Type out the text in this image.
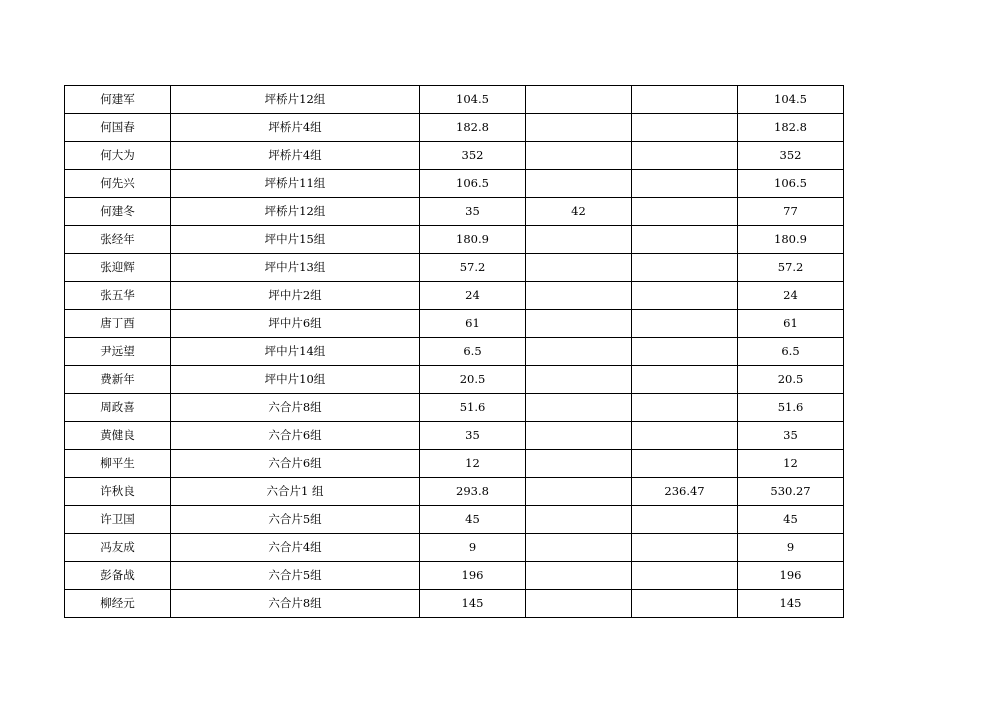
何建军	坪桥片12组	104.5			104.5
何国春	坪桥片4组	182.8			182.8
何大为	坪桥片4组	352			352
何先兴	坪桥片11组	106.5			106.5
何建冬	坪桥片12组	35	42		77
张经年	坪中片15组	180.9			180.9
张迎辉	坪中片13组	57.2			57.2
张五华	坪中片2组	24			24
唐丁酉	坪中片6组	61			61
尹远望	坪中片14组	6.5			6.5
费新年	坪中片10组	20.5			20.5
周政喜	六合片8组	51.6			51.6
黄健良	六合片6组	35			35
柳平生	六合片6组	12			12
许秋良	六合片1 组	293.8		236.47	530.27
许卫国	六合片5组	45			45
冯友成	六合片4组	9			9
彭备战	六合片5组	196			196
柳经元	六合片8组	145			145
